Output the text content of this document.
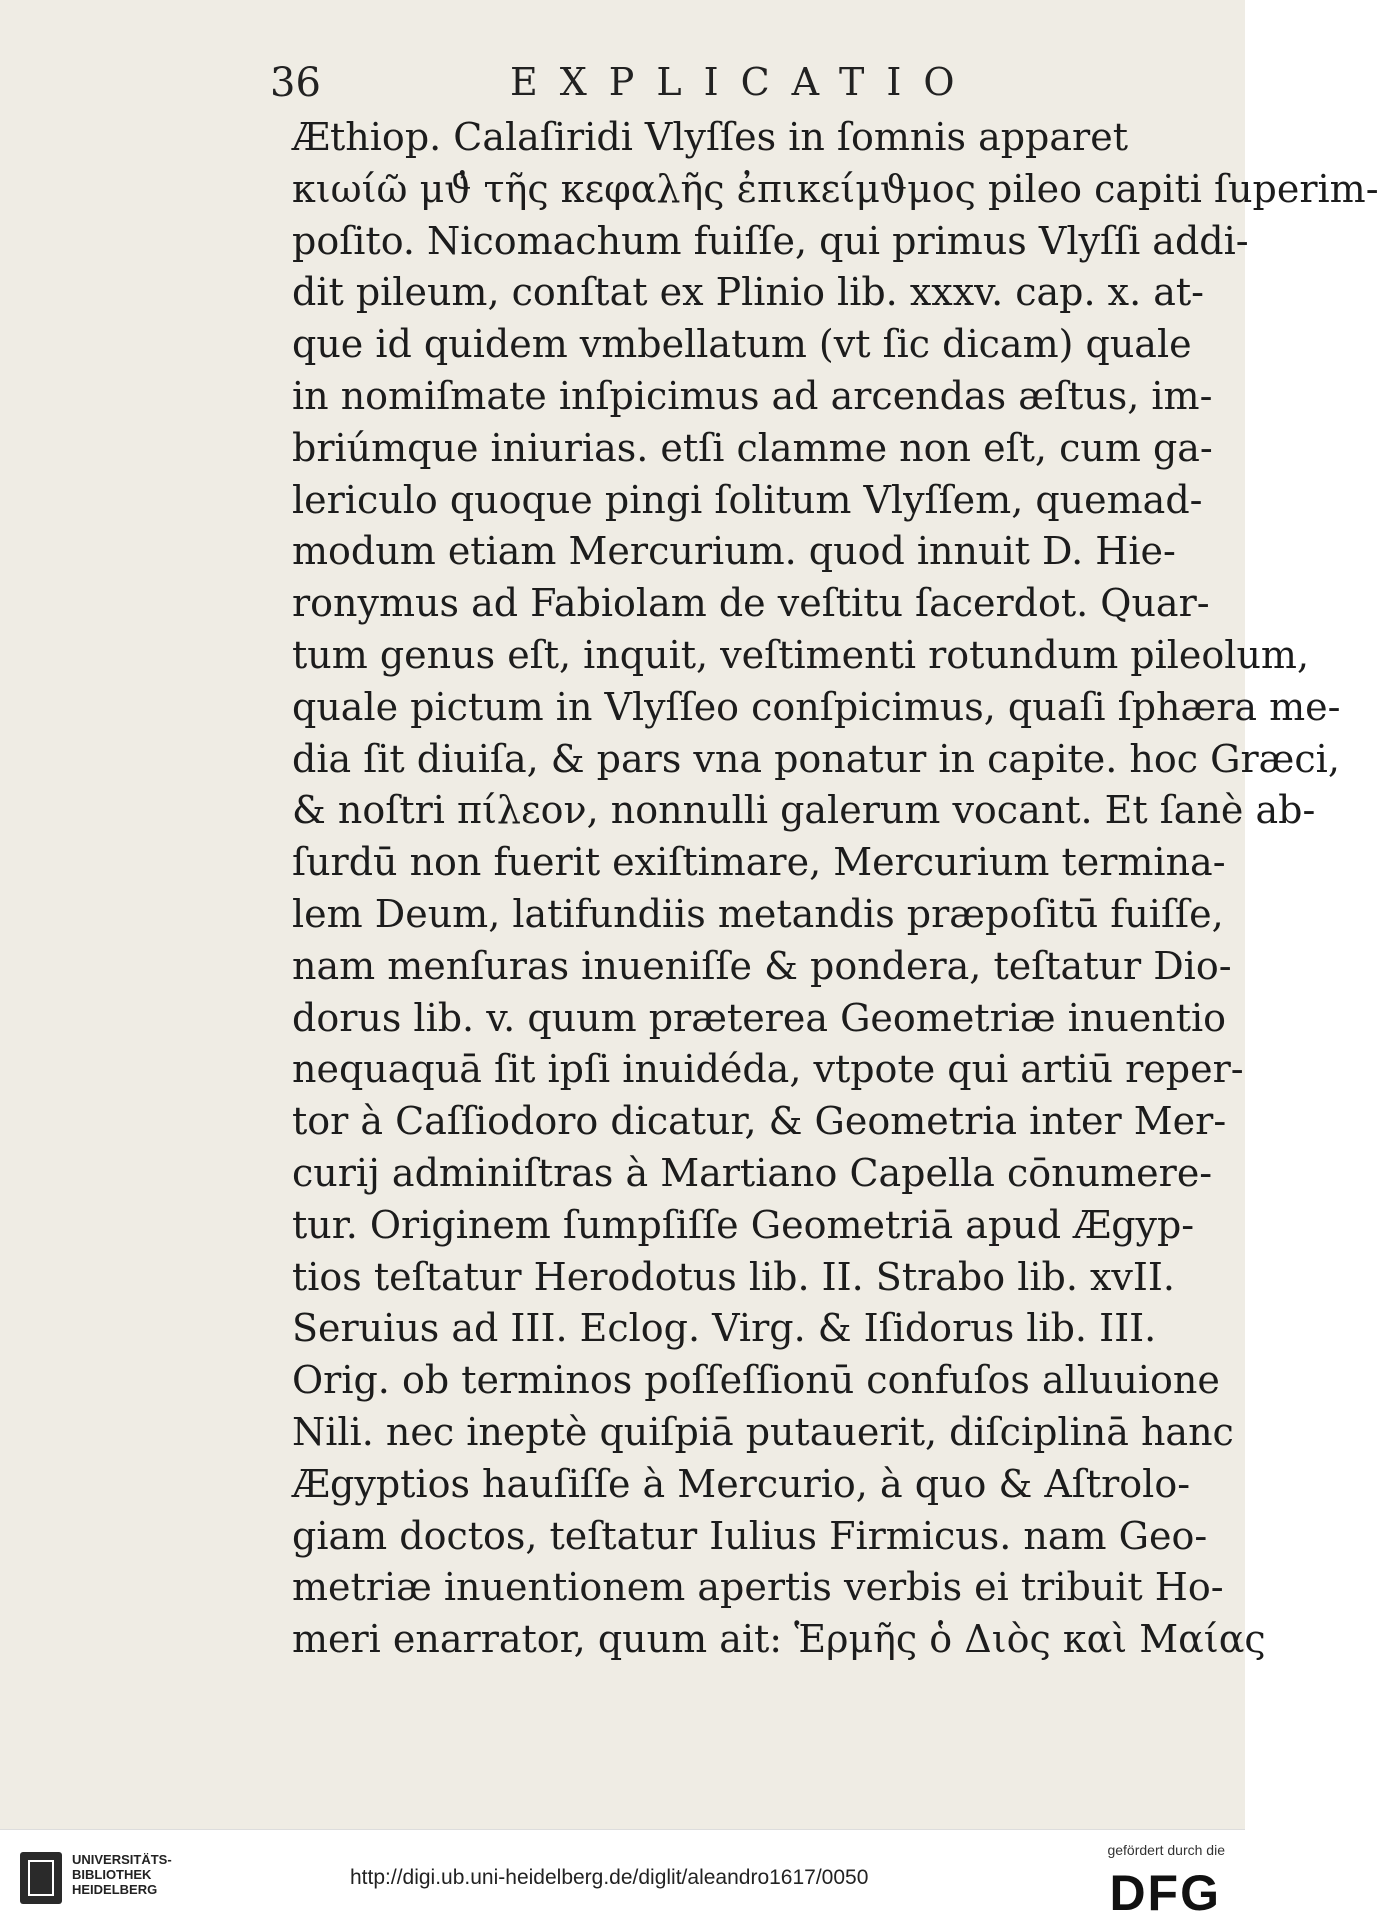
36	EXPLICATIO
Æthiop. Calaſiridi Vlyſſes in ſomnis apparet
κιωίῶ μϑ̓ τῆς κεφαλῆς ἐπικείμϑμος pileo capiti ſuperim-
poſito. Nicomachum fuiſſe, qui primus Vlyſſi addi-
dit pileum, conſtat ex Plinio lib. xxxv. cap. x. at-
que id quidem vmbellatum (vt ſic dicam) quale
in nomiſmate inſpicimus ad arcendas æſtus, im-
briúmque iniurias. etſi clamme non eſt, cum ga-
lericulo quoque pingi ſolitum Vlyſſem, quemad-
modum etiam Mercurium. quod innuit D. Hie-
ronymus ad Fabiolam de veſtitu ſacerdot. Quar-
tum genus eſt, inquit, veſtimenti rotundum pileolum,
quale pictum in Vlyſſeo conſpicimus, quaſi ſphæra me-
dia ſit diuiſa, & pars vna ponatur in capite. hoc Græci,
& noſtri πίλεον, nonnulli galerum vocant. Et ſanè ab-
ſurdū non fuerit exiſtimare, Mercurium termina-
lem Deum, latifundiis metandis præpoſitū fuiſſe,
nam menſuras inueniſſe & pondera, teſtatur Dio-
dorus lib. v. quum præterea Geometriæ inuentio
nequaquā ſit ipſi inuidéda, vtpote qui artiū reper-
tor à Caſſiodoro dicatur, & Geometria inter Mer-
curij adminiſtras à Martiano Capella cōnumere-
tur. Originem ſumpſiſſe Geometriā apud Ægyp-
tios teſtatur Herodotus lib. II. Strabo lib. xvII.
Seruius ad III. Eclog. Virg. & Iſidorus lib. III.
Orig. ob terminos poſſeſſionū confuſos alluuione
Nili. nec ineptè quiſpiā putauerit, diſciplinā hanc
Ægyptios hauſiſſe à Mercurio, à quo & Aſtrolo-
giam doctos, teſtatur Iulius Firmicus. nam Geo-
metriæ inuentionem apertis verbis ei tribuit Ho-
meri enarrator, quum ait: Ἑρμῆς ὁ Διὸς καὶ Μαίας
UNIVERSITÄTS-
BIBLIOTHEK
HEIDELBERG
http://digi.ub.uni-heidelberg.de/diglit/aleandro1617/0050
gefördert durch die
DFG
